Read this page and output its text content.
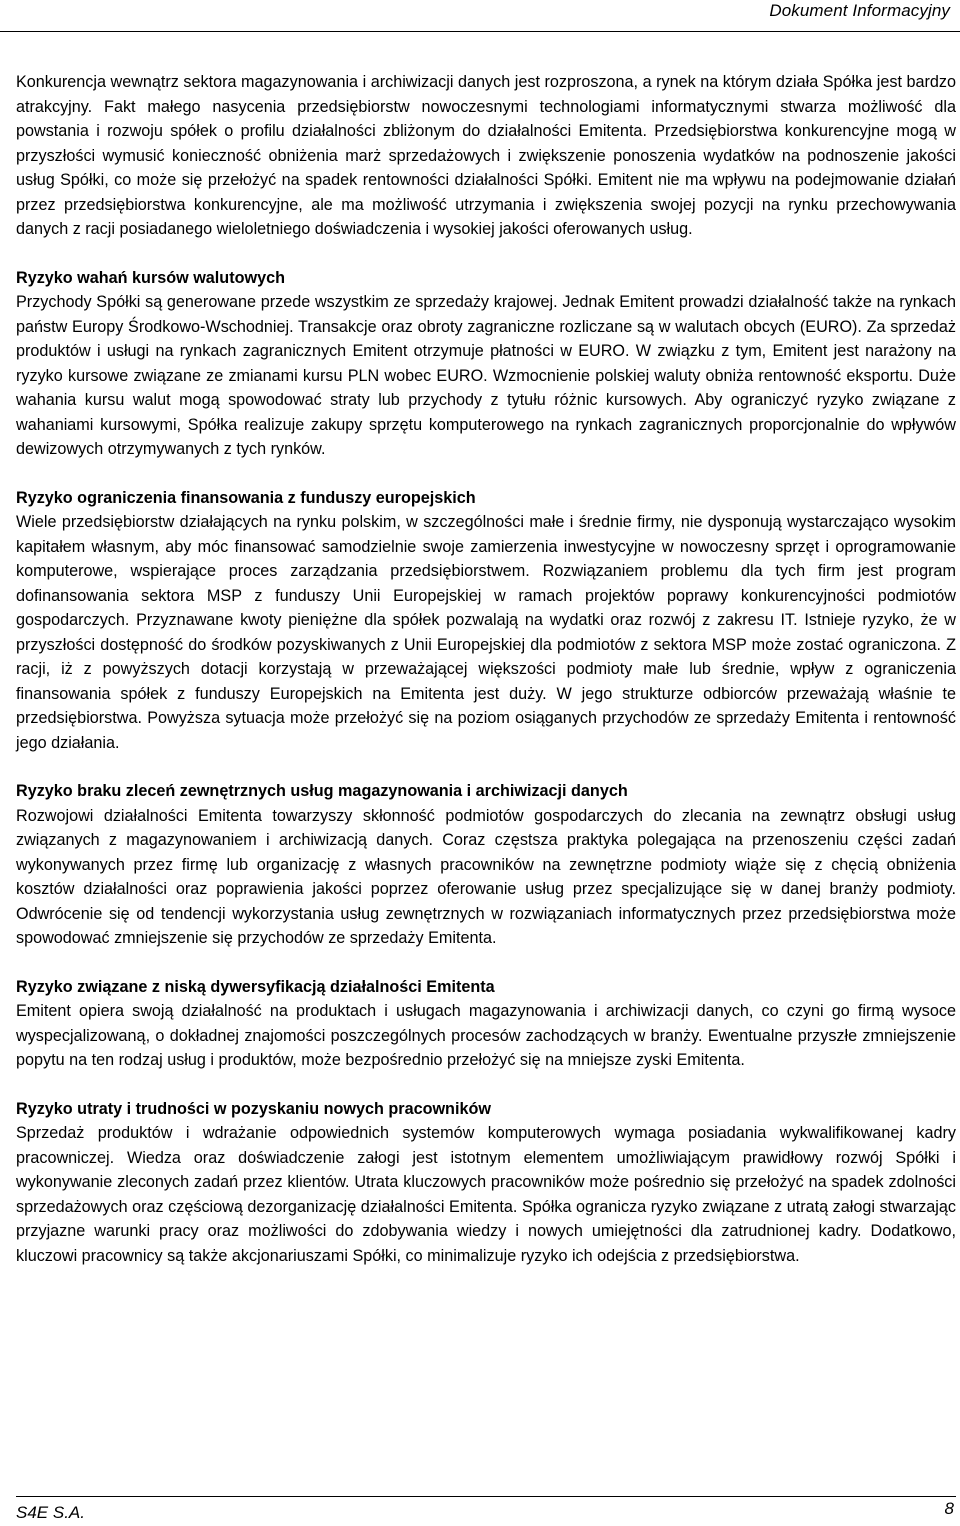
Dokument Informacyjny

Konkurencja wewnątrz sektora magazynowania i archiwizacji danych jest rozproszona, a rynek na którym działa Spółka jest bardzo atrakcyjny. Fakt małego nasycenia przedsiębiorstw nowoczesnymi technologiami informatycznymi stwarza możliwość dla powstania i rozwoju spółek o profilu działalności zbliżonym do działalności Emitenta. Przedsiębiorstwa konkurencyjne mogą w przyszłości wymusić konieczność obniżenia marż sprzedażowych i zwiększenie ponoszenia wydatków na podnoszenie jakości usług Spółki, co może się przełożyć na spadek rentowności działalności Spółki. Emitent nie ma wpływu na podejmowanie działań przez przedsiębiorstwa konkurencyjne, ale ma możliwość utrzymania i zwiększenia swojej pozycji na rynku przechowywania danych z racji posiadanego wieloletniego doświadczenia i wysokiej jakości oferowanych usług.

Ryzyko wahań kursów walutowych

Przychody Spółki są generowane przede wszystkim ze sprzedaży krajowej. Jednak Emitent prowadzi działalność także na rynkach państw Europy Środkowo-Wschodniej. Transakcje oraz obroty zagraniczne rozliczane są w walutach obcych (EURO). Za sprzedaż produktów i usługi na rynkach zagranicznych Emitent otrzymuje płatności w EURO. W związku z tym, Emitent jest narażony na ryzyko kursowe związane ze zmianami kursu PLN wobec EURO. Wzmocnienie polskiej waluty obniża rentowność eksportu. Duże wahania kursu walut mogą spowodować straty lub przychody z tytułu różnic kursowych. Aby ograniczyć ryzyko związane z wahaniami kursowymi, Spółka realizuje zakupy sprzętu komputerowego na rynkach zagranicznych proporcjonalnie do wpływów dewizowych otrzymywanych z tych rynków.

Ryzyko ograniczenia finansowania z funduszy europejskich

Wiele przedsiębiorstw działających na rynku polskim, w szczególności małe i średnie firmy, nie dysponują wystarczająco wysokim kapitałem własnym, aby móc finansować samodzielnie swoje zamierzenia inwestycyjne w nowoczesny sprzęt i oprogramowanie komputerowe, wspierające proces zarządzania przedsiębiorstwem. Rozwiązaniem problemu dla tych firm jest program dofinansowania sektora MSP z funduszy Unii Europejskiej w ramach projektów poprawy konkurencyjności podmiotów gospodarczych. Przyznawane kwoty pieniężne dla spółek pozwalają na wydatki oraz rozwój z zakresu IT. Istnieje ryzyko, że w przyszłości dostępność do środków pozyskiwanych z Unii Europejskiej dla podmiotów z sektora MSP może zostać ograniczona. Z racji, iż z powyższych dotacji korzystają w przeważającej większości podmioty małe lub średnie, wpływ z ograniczenia finansowania spółek z funduszy Europejskich na Emitenta jest duży. W jego strukturze odbiorców przeważają właśnie te przedsiębiorstwa. Powyższa sytuacja może przełożyć się na poziom osiąganych przychodów ze sprzedaży Emitenta i rentowność jego działania.

Ryzyko braku zleceń zewnętrznych usług magazynowania i archiwizacji danych

Rozwojowi działalności Emitenta towarzyszy skłonność podmiotów gospodarczych do zlecania na zewnątrz obsługi usług związanych z magazynowaniem i archiwizacją danych. Coraz częstsza praktyka polegająca na przenoszeniu części zadań wykonywanych przez firmę lub organizację z własnych pracowników na zewnętrzne podmioty wiąże się z chęcią obniżenia kosztów działalności oraz poprawienia jakości poprzez oferowanie usług przez specjalizujące się w danej branży podmioty. Odwrócenie się od tendencji wykorzystania usług zewnętrznych w rozwiązaniach informatycznych przez przedsiębiorstwa może spowodować zmniejszenie się przychodów ze sprzedaży Emitenta.

Ryzyko związane z niską dywersyfikacją działalności Emitenta

Emitent opiera swoją działalność na produktach i usługach magazynowania i archiwizacji danych, co czyni go firmą wysoce wyspecjalizowaną, o dokładnej znajomości poszczególnych procesów zachodzących w branży. Ewentualne przyszłe zmniejszenie popytu na ten rodzaj usług i produktów, może bezpośrednio przełożyć się na mniejsze zyski Emitenta.

Ryzyko utraty i trudności w pozyskaniu nowych pracowników

Sprzedaż produktów i wdrażanie odpowiednich systemów komputerowych wymaga posiadania wykwalifikowanej kadry pracowniczej. Wiedza oraz doświadczenie załogi jest istotnym elementem umożliwiającym prawidłowy rozwój Spółki i wykonywanie zleconych zadań przez klientów. Utrata kluczowych pracowników może pośrednio się przełożyć na spadek zdolności sprzedażowych oraz częściową dezorganizację działalności Emitenta. Spółka ogranicza ryzyko związane z utratą załogi stwarzając przyjazne warunki pracy oraz możliwości do zdobywania wiedzy i nowych umiejętności dla zatrudnionej kadry. Dodatkowo, kluczowi pracownicy są także akcjonariuszami Spółki, co minimalizuje ryzyko ich odejścia z przedsiębiorstwa.

S4E S.A.	8
